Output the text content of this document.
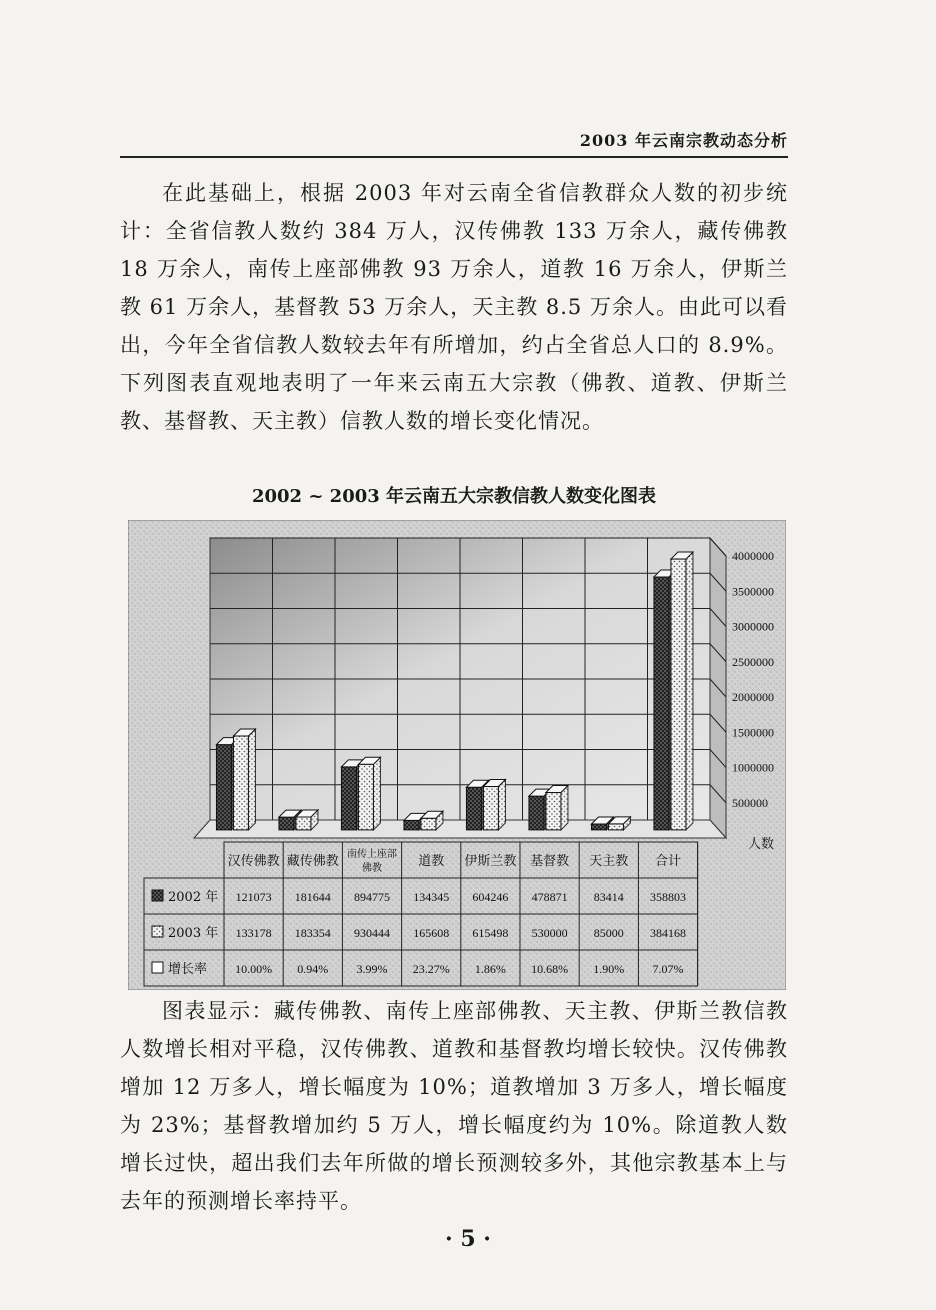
2003 年云南宗教动态分析

在此基础上，根据 2003 年对云南全省信教群众人数的初步统计：全省信教人数约 384 万人，汉传佛教 133 万余人，藏传佛教 18 万余人，南传上座部佛教 93 万余人，道教 16 万余人，伊斯兰教 61 万余人，基督教 53 万余人，天主教 8.5 万余人。由此可以看出，今年全省信教人数较去年有所增加，约占全省总人口的 8.9%。下列图表直观地表明了一年来云南五大宗教（佛教、道教、伊斯兰教、基督教、天主教）信教人数的增长变化情况。

2002 ~ 2003 年云南五大宗教信教人数变化图表
500000
1000000
1500000
2000000
2500000
3000000
3500000
4000000
人数
汉传佛教 藏传佛教 南传上座部
佛教	道教 伊斯兰教 基督教 天主教 合计
2002 年 121073 181644 894775 134345 604246 478871 83414 358803
2003 年 133178 183354 930444 165608 615498 530000 85000 384168
增长率 10.00% 0.94% 3.99% 23.27% 1.86% 10.68% 1.90% 7.07%

图表显示：藏传佛教、南传上座部佛教、天主教、伊斯兰教信教人数增长相对平稳，汉传佛教、道教和基督教均增长较快。汉传佛教增加 12 万多人，增长幅度为 10%；道教增加 3 万多人，增长幅度为 23%；基督教增加约 5 万人，增长幅度约为 10%。除道教人数增长过快，超出我们去年所做的增长预测较多外，其他宗教基本上与去年的预测增长率持平。

· 5 ·
